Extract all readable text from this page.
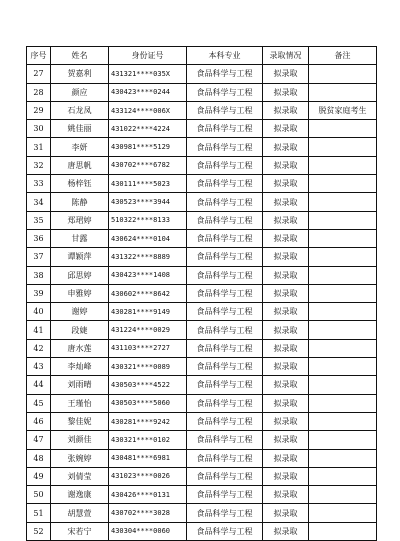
序号	姓名	身份证号	本科专业	录取情况	备注
27	贺嘉利	431321****035X	食品科学与工程	拟录取	
28	颜应	430423****0244	食品科学与工程	拟录取	
29	石龙凤	433124****006X	食品科学与工程	拟录取	脱贫家庭考生
30	姚佳丽	431022****4224	食品科学与工程	拟录取	
31	李妍	430981****5129	食品科学与工程	拟录取	
32	唐思帆	430702****6782	食品科学与工程	拟录取	
33	杨梓钰	430111****5023	食品科学与工程	拟录取	
34	陈静	430523****3944	食品科学与工程	拟录取	
35	郑珺婷	510322****8133	食品科学与工程	拟录取	
36	甘露	430624****0104	食品科学与工程	拟录取	
37	谭颖萍	431322****8889	食品科学与工程	拟录取	
38	邱思婷	430423****1408	食品科学与工程	拟录取	
39	申雅婷	430602****8642	食品科学与工程	拟录取	
40	谢婷	430281****9149	食品科学与工程	拟录取	
41	段婕	431224****0029	食品科学与工程	拟录取	
42	唐水莲	431103****2727	食品科学与工程	拟录取	
43	李灿峰	430321****0089	食品科学与工程	拟录取	
44	刘雨晴	430503****4522	食品科学与工程	拟录取	
45	王瑾怡	430503****5060	食品科学与工程	拟录取	
46	黎佳妮	430281****9242	食品科学与工程	拟录取	
47	刘颜佳	430321****0102	食品科学与工程	拟录取	
48	张婉婷	430481****6981	食品科学与工程	拟录取	
49	刘倩莹	431023****0026	食品科学与工程	拟录取	
50	谢逸康	430426****0131	食品科学与工程	拟录取	
51	胡慧萱	430702****3028	食品科学与工程	拟录取	
52	宋若宁	430304****0060	食品科学与工程	拟录取	
